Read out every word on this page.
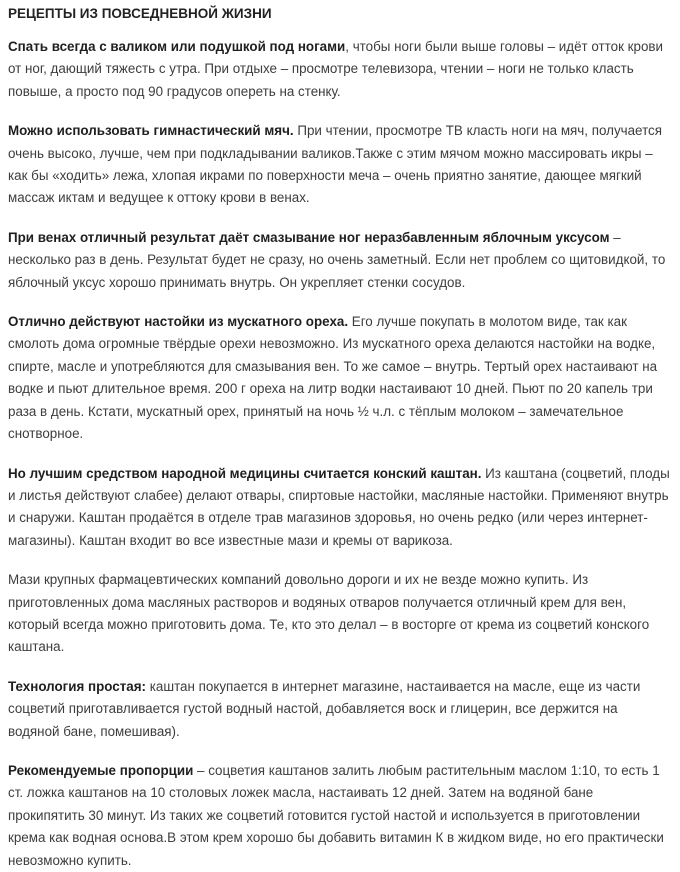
РЕЦЕПТЫ ИЗ ПОВСЕДНЕВНОЙ ЖИЗНИ

Спать всегда с валиком или подушкой под ногами, чтобы ноги были выше головы – идёт отток крови от ног, дающий тяжесть с утра. При отдыхе – просмотре телевизора, чтении – ноги не только класть повыше, а просто под 90 градусов опереть на стенку.

Можно использовать гимнастический мяч. При чтении, просмотре ТВ класть ноги на мяч, получается очень высоко, лучше, чем при подкладывании валиков.Также с этим мячом можно массировать икры – как бы «ходить» лежа, хлопая икрами по поверхности меча – очень приятно занятие, дающее мягкий массаж иктам и ведущее к оттоку крови в венах.

При венах отличный результат даёт смазывание ног неразбавленным яблочным уксусом – несколько раз в день. Результат будет не сразу, но очень заметный. Если нет проблем со щитовидкой, то яблочный уксус хорошо принимать внутрь. Он укрепляет стенки сосудов.

Отлично действуют настойки из мускатного ореха. Его лучше покупать в молотом виде, так как смолоть дома огромные твёрдые орехи невозможно. Из мускатного ореха делаются настойки на водке, спирте, масле и употребляются для смазывания вен. То же самое – внутрь. Тертый орех настаивают на водке и пьют длительное время. 200 г ореха на литр водки настаивают 10 дней. Пьют по 20 капель три раза в день. Кстати, мускатный орех, принятый на ночь ½ ч.л. с тёплым молоком – замечательное снотворное.

Но лучшим средством народной медицины считается конский каштан. Из каштана (соцветий, плоды и листья действуют слабее) делают отвары, спиртовые настойки, масляные настойки. Применяют внутрь и снаружи. Каштан продаётся в отделе трав магазинов здоровья, но очень редко (или через интернет-магазины). Каштан входит во все известные мази и кремы от варикоза.

Мази крупных фармацевтических компаний довольно дороги и их не везде можно купить. Из приготовленных дома масляных растворов и водяных отваров получается отличный крем для вен, который всегда можно приготовить дома. Те, кто это делал – в восторге от крема из соцветий конского каштана.

Технология простая: каштан покупается в интернет магазине, настаивается на масле, еще из части соцветий приготавливается густой водный настой, добавляется воск и глицерин, все держится на водяной бане, помешивая).

Рекомендуемые пропорции – соцветия каштанов залить любым растительным маслом 1:10, то есть 1 ст. ложка каштанов на 10 столовых ложек масла, настаивать 12 дней. Затем на водяной бане прокипятить 30 минут. Из таких же соцветий готовится густой настой и используется в приготовлении крема как водная основа.В этом крем хорошо бы добавить витамин К в жидком виде, но его практически невозможно купить.
